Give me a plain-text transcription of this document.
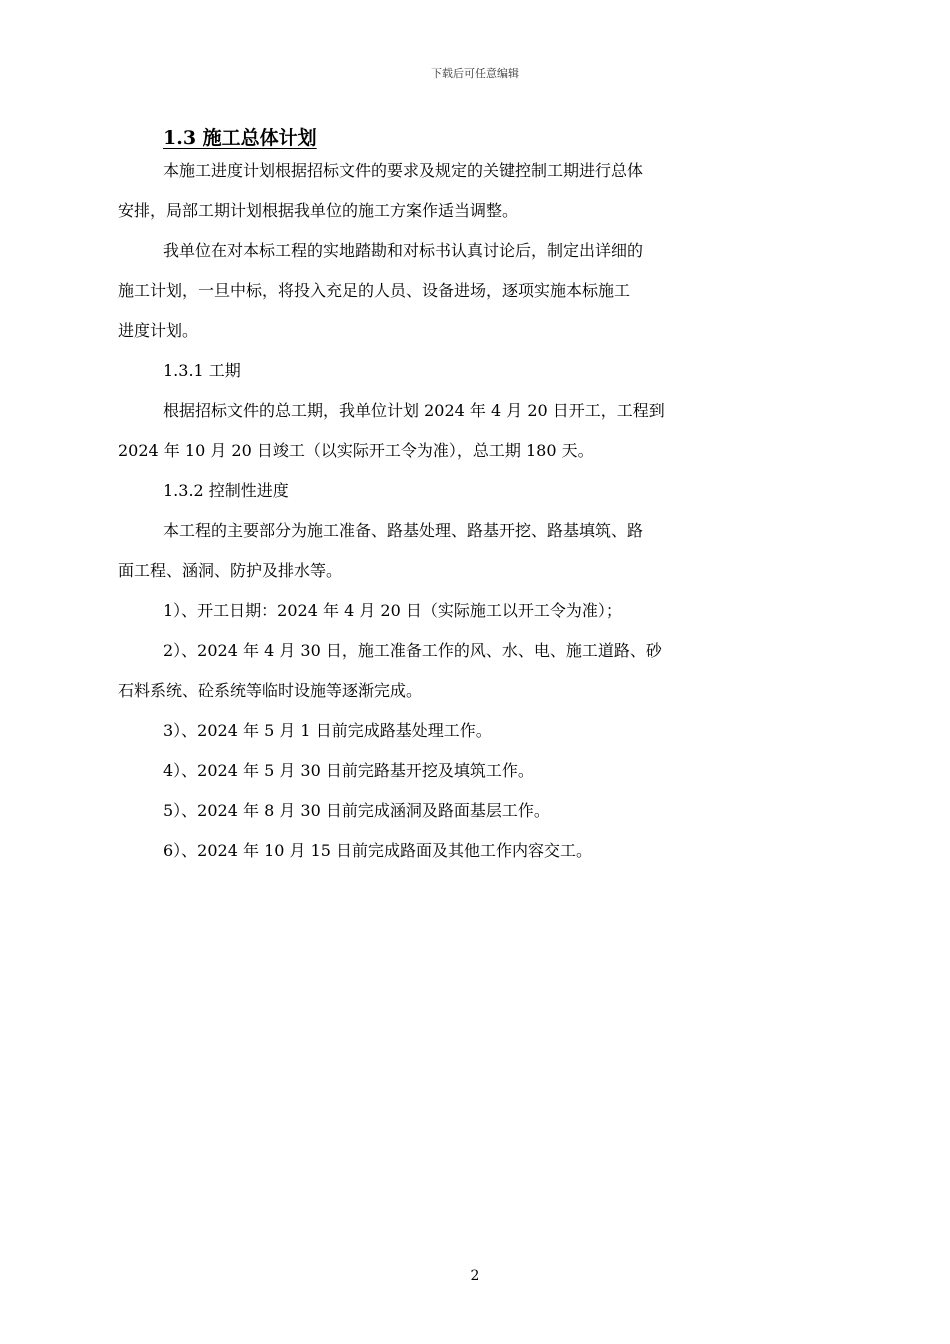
下载后可任意编辑
1.3 施工总体计划
本施工进度计划根据招标文件的要求及规定的关键控制工期进行总体
安排，局部工期计划根据我单位的施工方案作适当调整。
我单位在对本标工程的实地踏勘和对标书认真讨论后，制定出详细的
施工计划，一旦中标，将投入充足的人员、设备进场，逐项实施本标施工
进度计划。
1.3.1 工期
根据招标文件的总工期，我单位计划 2024 年 4 月 20 日开工，工程到
2024 年 10 月 20 日竣工（以实际开工令为准），总工期 180 天。
1.3.2 控制性进度
本工程的主要部分为施工准备、路基处理、路基开挖、路基填筑、路
面工程、涵洞、防护及排水等。
1）、开工日期：2024 年 4 月 20 日（实际施工以开工令为准）；
2）、2024 年 4 月 30 日，施工准备工作的风、水、电、施工道路、砂
石料系统、砼系统等临时设施等逐渐完成。
3）、2024 年 5 月 1 日前完成路基处理工作。
4）、2024 年 5 月 30 日前完路基开挖及填筑工作。
5）、2024 年 8 月 30 日前完成涵洞及路面基层工作。
6）、2024 年 10 月 15 日前完成路面及其他工作内容交工。
2
